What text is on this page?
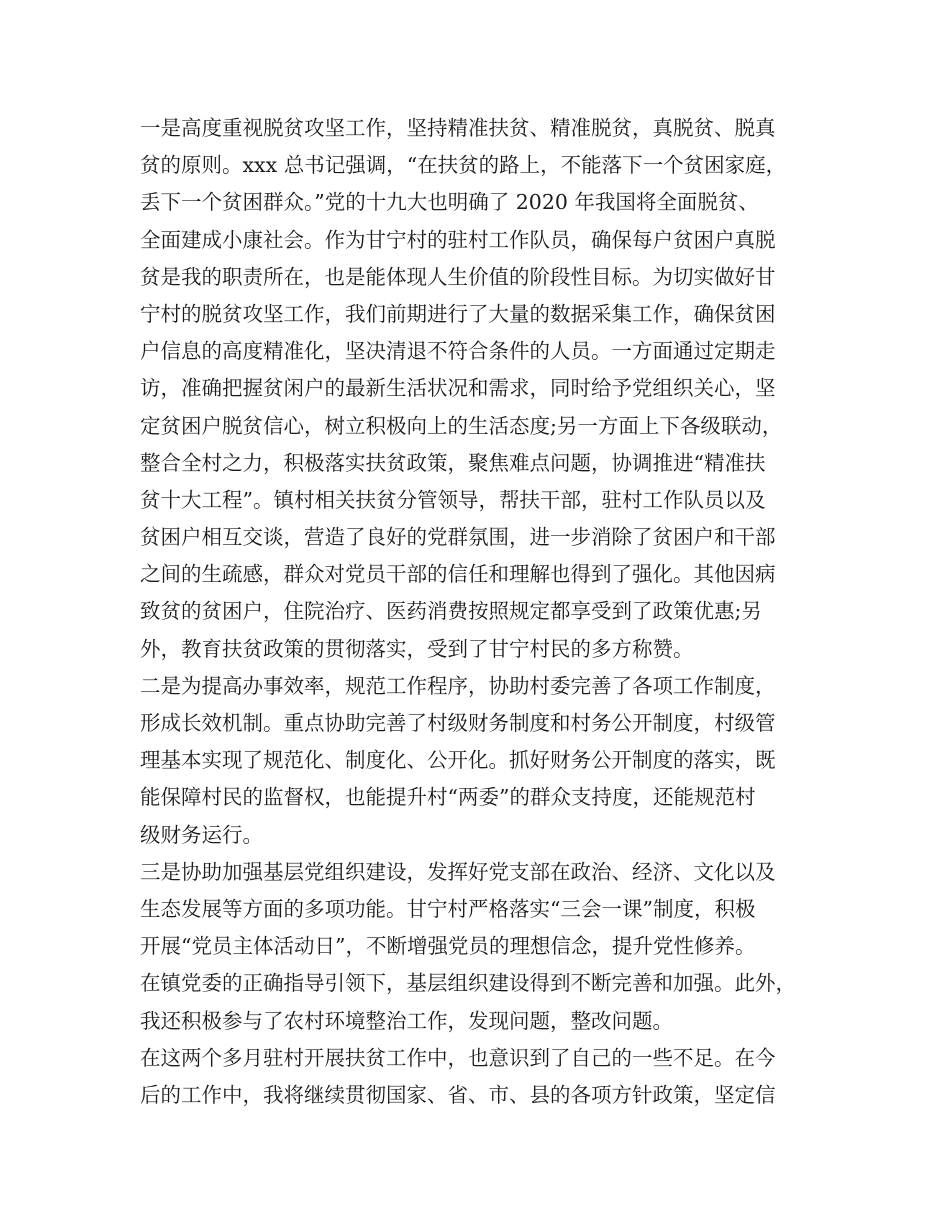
一是高度重视脱贫攻坚工作，坚持精准扶贫、精准脱贫，真脱贫、脱真
贫的原则。xxx 总书记强调，“在扶贫的路上，不能落下一个贫困家庭，
丢下一个贫困群众。”党的十九大也明确了 2020 年我国将全面脱贫、
全面建成小康社会。作为甘宁村的驻村工作队员，确保每户贫困户真脱
贫是我的职责所在，也是能体现人生价值的阶段性目标。为切实做好甘
宁村的脱贫攻坚工作，我们前期进行了大量的数据采集工作，确保贫困
户信息的高度精准化，坚决清退不符合条件的人员。一方面通过定期走
访，准确把握贫闲户的最新生活状况和需求，同时给予党组织关心，坚
定贫困户脱贫信心，树立积极向上的生活态度;另一方面上下各级联动，
整合全村之力，积极落实扶贫政策，聚焦难点问题，协调推进“精准扶
贫十大工程”。镇村相关扶贫分管领导，帮扶干部，驻村工作队员以及
贫困户相互交谈，营造了良好的党群氛围，进一步消除了贫困户和干部
之间的生疏感，群众对党员干部的信任和理解也得到了强化。其他因病
致贫的贫困户，住院治疗、医药消费按照规定都享受到了政策优惠;另
外，教育扶贫政策的贯彻落实，受到了甘宁村民的多方称赞。
二是为提高办事效率，规范工作程序，协助村委完善了各项工作制度，
形成长效机制。重点协助完善了村级财务制度和村务公开制度，村级管
理基本实现了规范化、制度化、公开化。抓好财务公开制度的落实，既
能保障村民的监督权，也能提升村“两委”的群众支持度，还能规范村
级财务运行。
三是协助加强基层党组织建设，发挥好党支部在政治、经济、文化以及
生态发展等方面的多项功能。甘宁村严格落实“三会一课”制度，积极
开展“党员主体活动日”，不断增强党员的理想信念，提升党性修养。
在镇党委的正确指导引领下，基层组织建设得到不断完善和加强。此外，
我还积极参与了农村环境整治工作，发现问题，整改问题。
在这两个多月驻村开展扶贫工作中，也意识到了自己的一些不足。在今
后的工作中，我将继续贯彻国家、省、市、县的各项方针政策，坚定信
